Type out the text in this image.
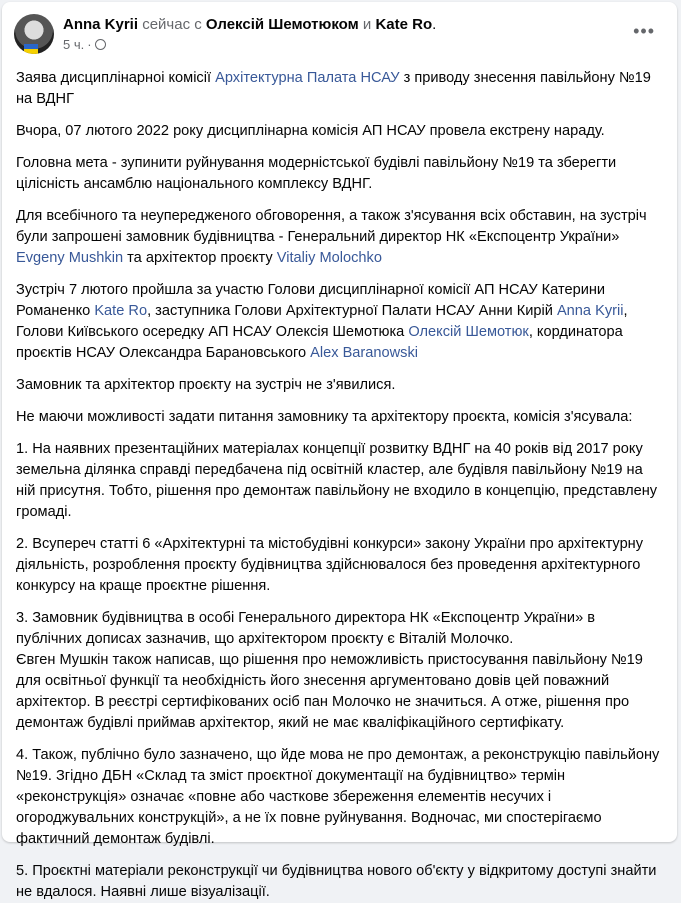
Anna Kyrii сейчас с Олексій Шемотюком и Kate Ro.
5 ч. ·
•••

Заява дисциплінарноі комісії Архітектурна Палата НСАУ з приводу знесення павільйону №19 на ВДНГ

Вчора, 07 лютого 2022 року дисциплінарна комісія АП НСАУ провела екстрену нараду.

Головна мета - зупинити руйнування модерністської будівлі павільйону №19 та зберегти цілісність ансамблю національного комплексу ВДНГ.

Для всебічного та неупередженого обговорення, а також з'ясування всіх обставин, на зустріч були запрошені замовник будівництва - Генеральний директор НК «Експоцентр України» Evgeny Mushkin та архітектор проєкту Vitaliy Molochko

Зустріч 7 лютого пройшла за участю Голови дисциплінарної комісії АП НСАУ Катерини Романенко Kate Ro, заступника Голови Архітектурної Палати НСАУ Анни Кирій Anna Kyrii, Голови Київського осередку АП НСАУ Олексія Шемотюка Олексій Шемотюк, кординатора проєктів НСАУ Олександра Барановського Alex Baranowski

Замовник та архітектор проєкту на зустріч не з'явилися.

Не маючи можливості задати питання замовнику та архітектору проєкта, комісія з'ясувала:

1. На наявних презентаційних матеріалах концепції розвитку ВДНГ на 40 років від 2017 року земельна ділянка справді передбачена під освітній кластер, але будівля павільйону №19 на ній присутня. Тобто, рішення про демонтаж павільйону не входило в концепцію, представлену громаді.

2. Всупереч статті 6 «Архітектурні та містобудівні конкурси» закону України про архітектурну діяльність, розроблення проєкту будівництва здійснювалося без проведення архітектурного конкурсу на краще проєктне рішення.

3. Замовник будівництва в особі Генерального директора НК «Експоцентр України» в публічних дописах зазначив, що архітектором проєкту є Віталій Молочко.
Євген Мушкін також написав, що рішення про неможливість пристосування павільйону №19 для освітньої функції та необхідність його знесення аргументовано довів цей поважний архітектор. В реєстрі сертифікованих осіб пан Молочко не значиться. А отже, рішення про демонтаж будівлі приймав архітектор, який не має кваліфікаційного сертифікату.

4. Також, публічно було зазначено, що йде мова не про демонтаж, а реконструкцію павільйону №19. Згідно ДБН «Склад та зміст проєктної документації на будівництво» термін «реконструкція» означає «повне або часткове збереження елементів несучих і огороджувальних конструкцій», а не їх повне руйнування. Водночас, ми спостерігаємо фактичний демонтаж будівлі.

5. Проєктні матеріали реконструкції чи будівництва нового об'єкту у відкритому доступі знайти не вдалося. Наявні лише візуалізації.
